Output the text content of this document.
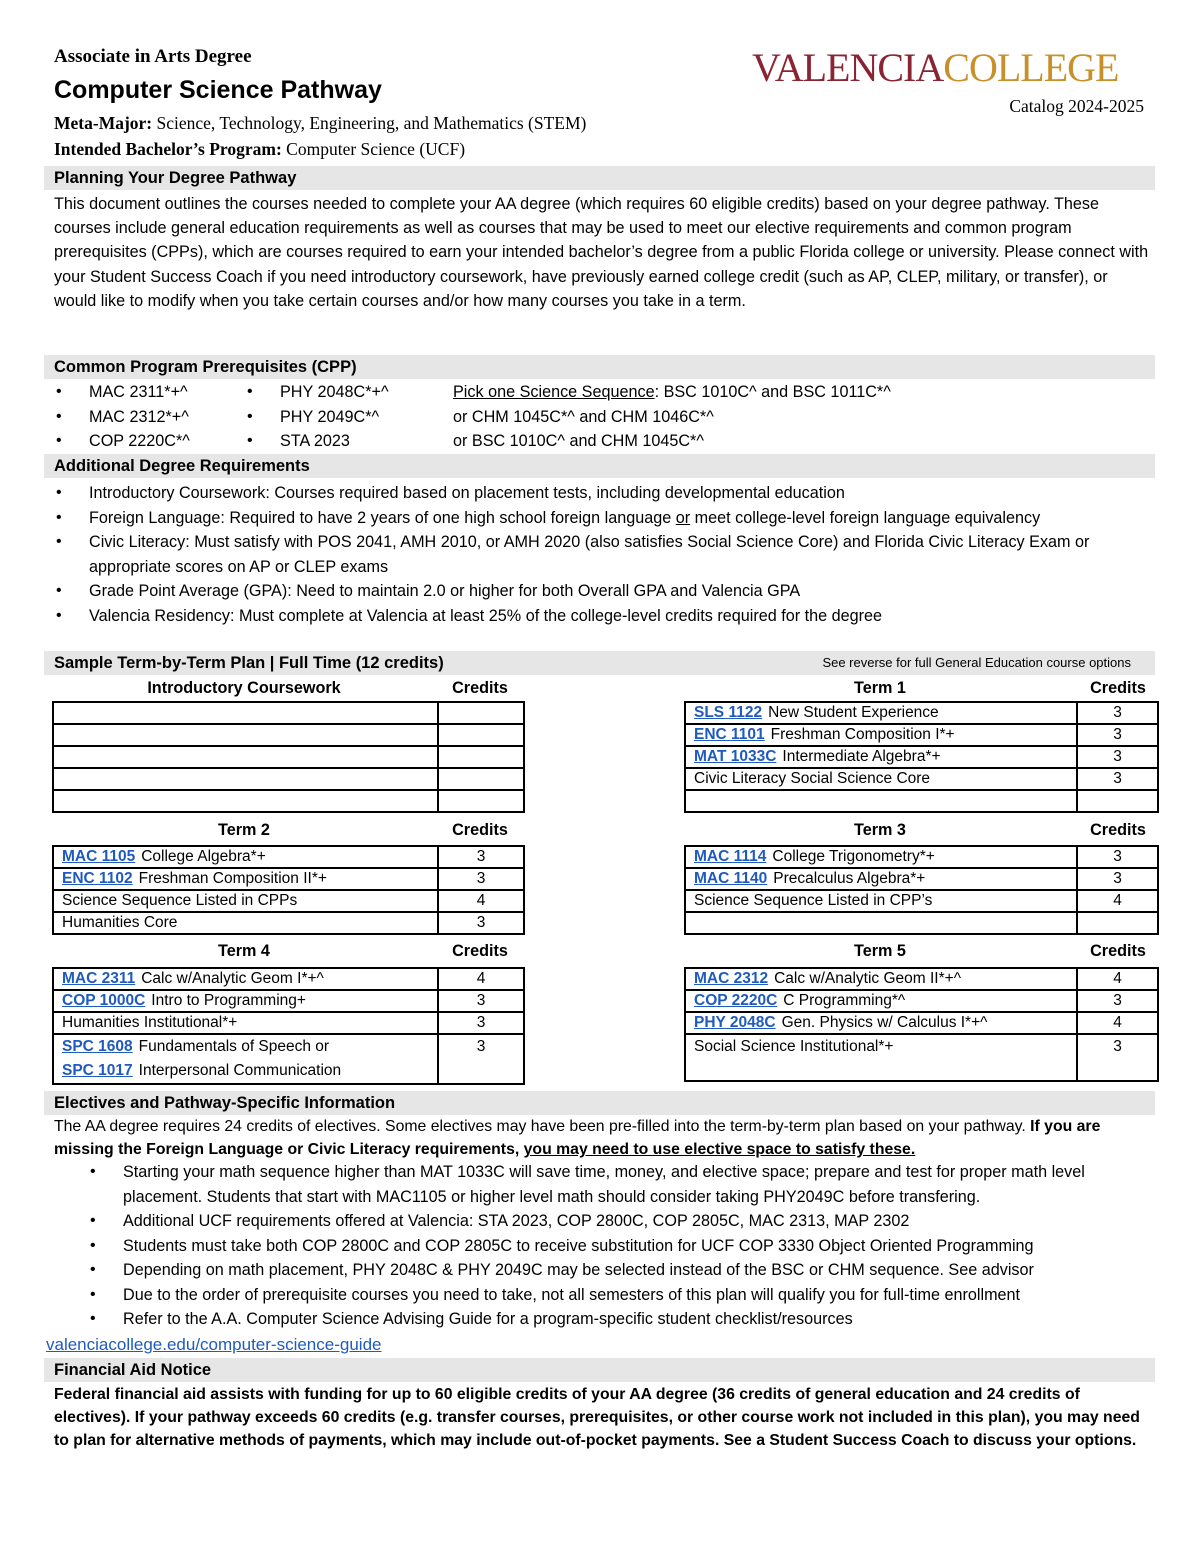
Associate in Arts Degree
Computer Science Pathway
Meta-Major: Science, Technology, Engineering, and Mathematics (STEM)
Intended Bachelor’s Program: Computer Science (UCF)
VALENCIACOLLEGE
Catalog 2024-2025
Planning Your Degree Pathway
This document outlines the courses needed to complete your AA degree (which requires 60 eligible credits) based on your degree pathway. These courses include general education requirements as well as courses that may be used to meet our elective requirements and common program prerequisites (CPPs), which are courses required to earn your intended bachelor’s degree from a public Florida college or university. Please connect with your Student Success Coach if you need introductory coursework, have previously earned college credit (such as AP, CLEP, military, or transfer), or would like to modify when you take certain courses and/or how many courses you take in a term.
Common Program Prerequisites (CPP)
• MAC 2311*+^
• MAC 2312*+^
• COP 2220C*^
• PHY 2048C*+^
• PHY 2049C*^
• STA 2023
Pick one Science Sequence: BSC 1010C^ and BSC 1011C*^
or CHM 1045C*^ and CHM 1046C*^
or BSC 1010C^ and CHM 1045C*^
Additional Degree Requirements
• Introductory Coursework: Courses required based on placement tests, including developmental education
• Foreign Language: Required to have 2 years of one high school foreign language or meet college-level foreign language equivalency
• Civic Literacy: Must satisfy with POS 2041, AMH 2010, or AMH 2020 (also satisfies Social Science Core) and Florida Civic Literacy Exam or appropriate scores on AP or CLEP exams
• Grade Point Average (GPA): Need to maintain 2.0 or higher for both Overall GPA and Valencia GPA
• Valencia Residency: Must complete at Valencia at least 25% of the college-level credits required for the degree
Sample Term-by-Term Plan | Full Time (12 credits)	See reverse for full General Education course options
Introductory Coursework	Credits

		Term 1	Credits
SLS 1122 New Student Experience	3
ENC 1101 Freshman Composition I*+	3
MAT 1033C Intermediate Algebra*+	3
Civic Literacy Social Science Core	3

Term 2	Credits
MAC 1105 College Algebra*+	3
ENC 1102 Freshman Composition II*+	3
Science Sequence Listed in CPPs	4
Humanities Core	3
Term 3	Credits
MAC 1114 College Trigonometry*+	3
MAC 1140 Precalculus Algebra*+	3
Science Sequence Listed in CPP’s	4

Term 4	Credits
MAC 2311 Calc w/Analytic Geom I*+^	4
COP 1000C Intro to Programming+	3
Humanities Institutional*+	3

SPC 1608 Fundamentals of Speech or
SPC 1017 Interpersonal Communication	3
Term 5	Credits
MAC 2312 Calc w/Analytic Geom II*+^	4
COP 2220C C Programming*^	3
PHY 2048C Gen. Physics w/ Calculus I*+^	4
Social Science Institutional*+	3
Electives and Pathway-Specific Information
The AA degree requires 24 credits of electives. Some electives may have been pre-filled into the term-by-term plan based on your pathway. If you are missing the Foreign Language or Civic Literacy requirements, you may need to use elective space to satisfy these.
• Starting your math sequence higher than MAT 1033C will save time, money, and elective space; prepare and test for proper math level placement. Students that start with MAC1105 or higher level math should consider taking PHY2049C before transfering.
• Additional UCF requirements offered at Valencia: STA 2023, COP 2800C, COP 2805C, MAC 2313, MAP 2302
• Students must take both COP 2800C and COP 2805C to receive substitution for UCF COP 3330 Object Oriented Programming
• Depending on math placement, PHY 2048C & PHY 2049C may be selected instead of the BSC or CHM sequence. See advisor
• Due to the order of prerequisite courses you need to take, not all semesters of this plan will qualify you for full-time enrollment
• Refer to the A.A. Computer Science Advising Guide for a program-specific student checklist/resources
valenciacollege.edu/computer-science-guide
Financial Aid Notice
Federal financial aid assists with funding for up to 60 eligible credits of your AA degree (36 credits of general education and 24 credits of electives). If your pathway exceeds 60 credits (e.g. transfer courses, prerequisites, or other course work not included in this plan), you may need to plan for alternative methods of payments, which may include out-of-pocket payments. See a Student Success Coach to discuss your options.
